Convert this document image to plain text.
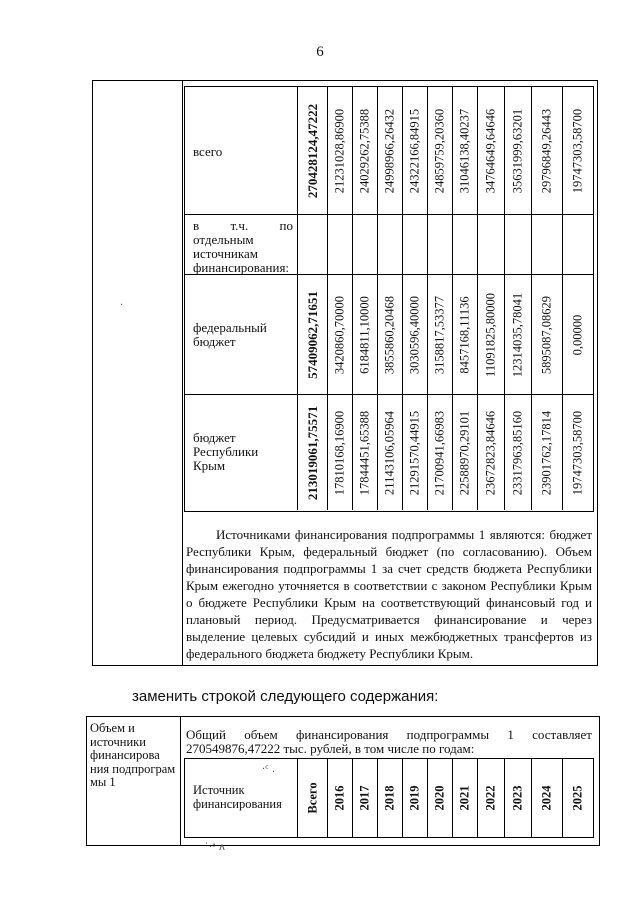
6
всего	270428124,47222 21231028,86900 24029262,75388 24998966,26432 24322166,84915 24859759,20360 31046138,40237 34764649,64646 35631999,63201 29796849,26443 19747303,58700
в т.ч. по отдельным источникам финансирования:
федеральный бюджет	57409062,71651 3420860,70000 6184811,10000 3855860,20468 3030596,40000 3158817,53377 8457168,11136 11091825,80000 12314035,78041 5895087,08629 0,00000
бюджет Республики Крым	213019061,75571 17810168,16900 17844451,65388 21143106,05964 21291570,44915 21700941,66983 22588970,29101 23672823,84646 23317963,85160 23901762,17814 19747303,58700
Источниками финансирования подпрограммы 1 являются: бюджет Республики Крым, федеральный бюджет (по согласованию). Объем финансирования подпрограммы 1 за счет средств бюджета Республики Крым ежегодно уточняется в соответствии с законом Республики Крым о бюджете Республики Крым на соответствующий финансовый год и плановый период. Предусматривается финансирование и через выделение целевых субсидий и иных межбюджетных трансфертов из федерального бюджета бюджету Республики Крым.
заменить строкой следующего содержания:
Объем и источники финансирова ния подпрограм мы 1
Общий объем финансирования подпрограммы 1 составляет
270549876,47222 тыс. рублей, в том числе по годам:
Источник финансирования	Всего 2016 2017 2018 2019 2020 2021 2022 2023 2024 2025
·ᶜ .
˙·ᵌ ᴧ
·
